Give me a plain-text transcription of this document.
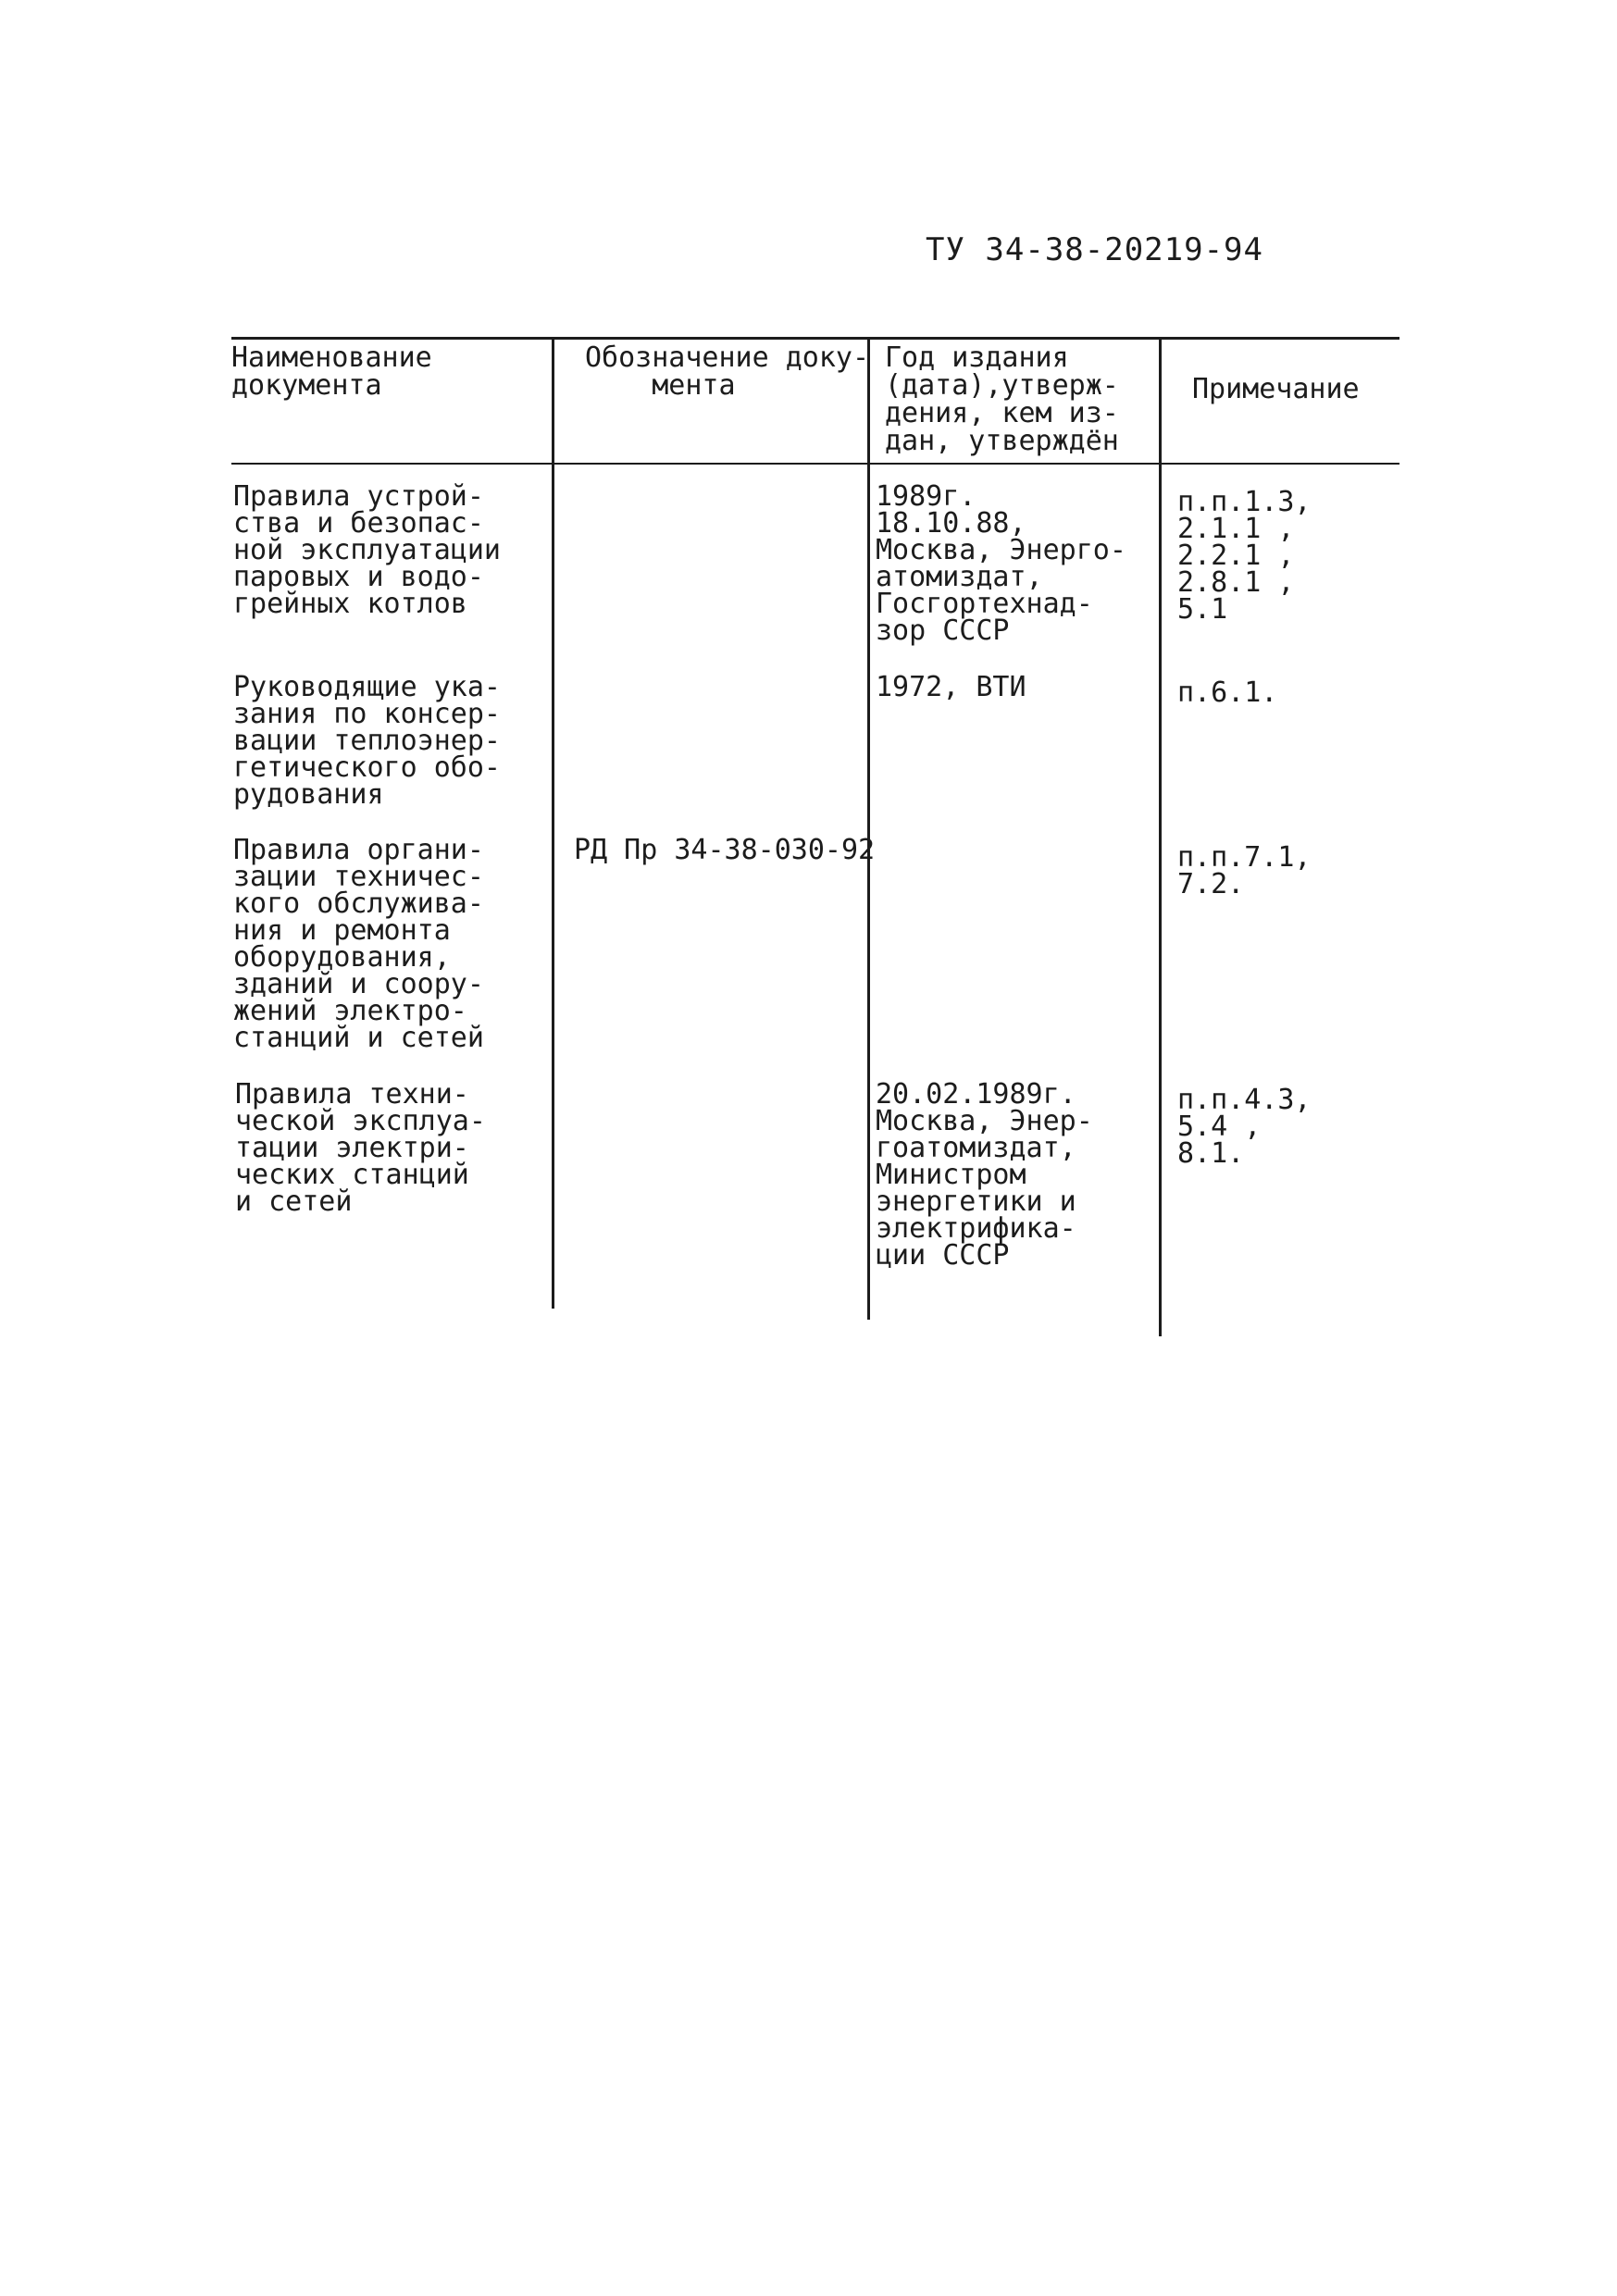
ТУ 34-38-20219-94
Наименование
документа
Обозначение доку-
мента
Год издания
(дата),утверж-
дения, кем из-
дан, утверждён
Примечание
Правила устрой-
ства и безопас-
ной эксплуатации
паровых и водо-
грейных котлов
1989г.
18.10.88,
Москва, Энерго-
атомиздат,
Госгортехнад-
зор СССР
п.п.1.3,
2.1.1 ,
2.2.1 ,
2.8.1 ,
5.1
Руководящие ука-
зания по консер-
вации теплоэнер-
гетического обо-
рудования
1972, ВТИ	п.6.1.
Правила органи-
зации техничес-
кого обслужива-
ния и ремонта
оборудования,
зданий и соору-
жений электро-
станций и сетей
РД Пр 34-38-030-92	п.п.7.1,
7.2.
Правила техни-
ческой эксплуа-
тации электри-
ческих станций
и сетей
20.02.1989г.
Москва, Энер-
гоатомиздат,
Министром
энергетики и
электрифика-
ции СССР
п.п.4.3,
5.4 ,
8.1.
